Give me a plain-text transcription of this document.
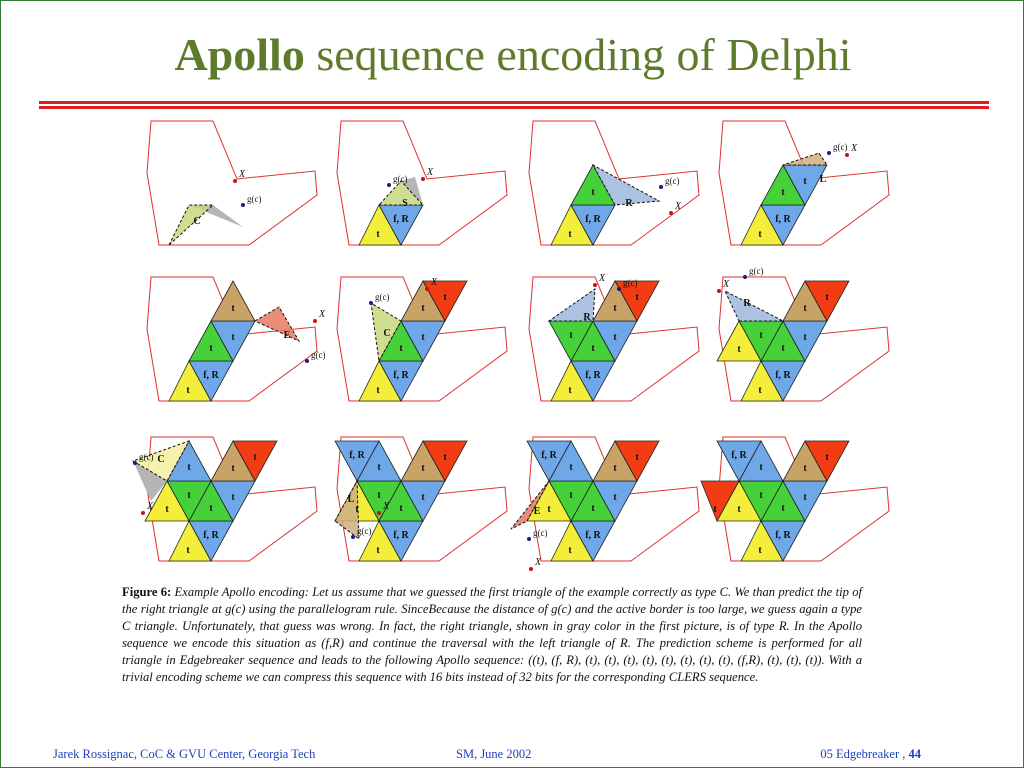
Apollo sequence encoding of Delphi
C
X
g(c)
t
f, R
S
X
g(c)
t
f, R
t
R	X
g(c)
t
f, R
t
t L
X
g(c)
t
f, R
t
t
t
E
X
g(c)
t
f, R
t
t
t
t
C
X
g(c)
t
f, R
t
t
t
t
t
R
X g(c)
t
f, R
t
t
t
t
t
t
R
X
g(c)
t
f, R
t
t
t
t
t
t
t
C
X
g(c)
t
f, R
t
t
t
t
t
t
t
f, R
L
X
g(c)
t
f, R
t
t
t
t
t
t
t
f, R
E
X
g(c)
t
f, R
t
t
t
t
t
t
t
f, R
t
Figure 6: Example Apollo encoding: Let us assume that we guessed the first triangle of the example correctly as type C. We than predict the tip of the right triangle at g(c) using the parallelogram rule. SinceBecause the distance of g(c) and the active border is too large, we guess again a type C triangle. Unfortunately, that guess was wrong. In fact, the right triangle, shown in gray color in the first picture, is of type R. In the Apollo sequence we encode this situation as (f,R) and continue the traversal with the left triangle of R. The prediction scheme is performed for all triangle in Edgebreaker sequence and leads to the following Apollo sequence: ((t), (f, R), (t), (t), (t), (t), (t), (t), (t), (t), (f,R), (t), (t), (t)). With a trivial encoding scheme we can compress this sequence with 16 bits instead of 32 bits for the corresponding CLERS sequence.
Jarek Rossignac, CoC & GVU Center, Georgia Tech	SM, June 2002	05 Edgebreaker , 44
